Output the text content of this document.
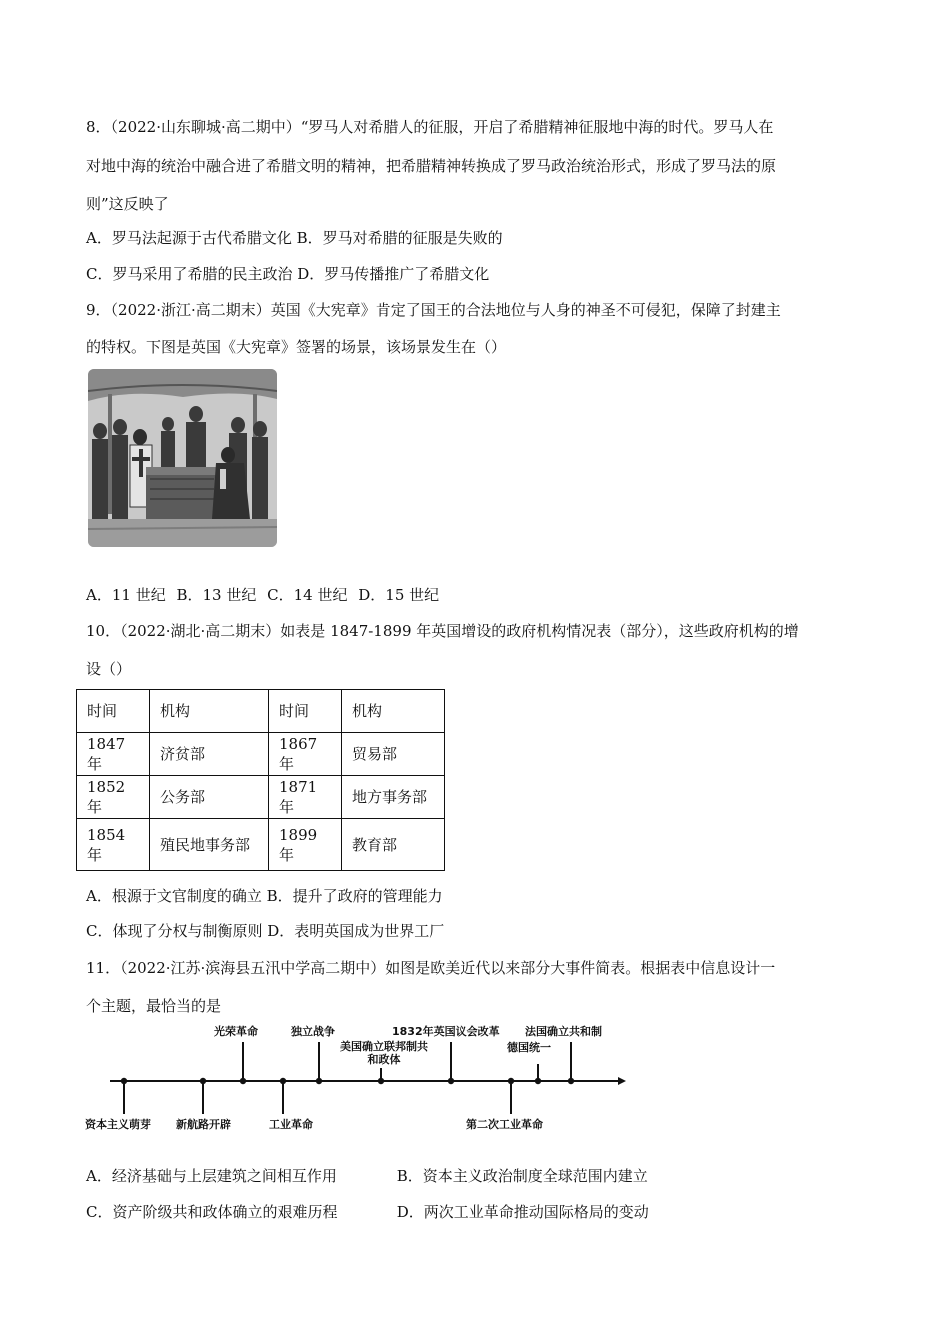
8．（2022·山东聊城·高二期中）“罗马人对希腊人的征服，开启了希腊精神征服地中海的时代。罗马人在
对地中海的统治中融合进了希腊文明的精神，把希腊精神转换成了罗马政治统治形式，形成了罗马法的原
则”这反映了
A．罗马法起源于古代希腊文化 B．罗马对希腊的征服是失败的
C．罗马采用了希腊的民主政治 D．罗马传播推广了希腊文化
9．（2022·浙江·高二期末）英国《大宪章》肯定了国王的合法地位与人身的神圣不可侵犯，保障了封建主
的特权。下图是英国《大宪章》签署的场景，该场景发生在（）
A．11 世纪 B．13 世纪 C．14 世纪 D．15 世纪
10．（2022·湖北·高二期末）如表是 1847-1899 年英国增设的政府机构情况表（部分），这些政府机构的增
设（）
时间	机构	时间	机构
1847 年	济贫部	1867 年	贸易部
1852 年	公务部	1871 年	地方事务部
1854 年	殖民地事务部	1899 年	教育部
A．根源于文官制度的确立 B．提升了政府的管理能力
C．体现了分权与制衡原则 D．表明英国成为世界工厂
11．（2022·江苏·滨海县五汛中学高二期中）如图是欧美近代以来部分大事件简表。根据表中信息设计一
个主题，最恰当的是
光荣革命	独立战争
美国确立联邦制共和政体
1832年英国议会改革 法国确立共和制
德国统一
资本主义萌芽 新航路开辟	工业革命	第二次工业革命
A．经济基础与上层建筑之间相互作用	B．资本主义政治制度全球范围内建立
C．资产阶级共和政体确立的艰难历程	D．两次工业革命推动国际格局的变动
